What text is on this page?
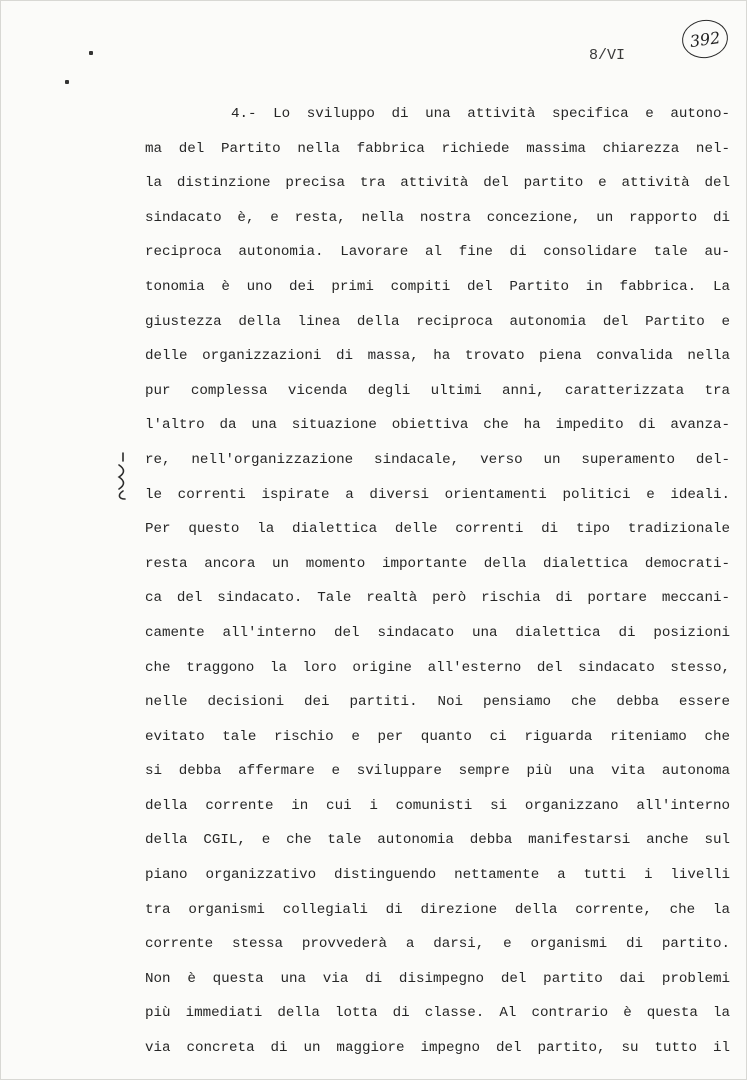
8/VI
392
4.- Lo sviluppo di una attività specifica e autono-
ma del Partito nella fabbrica richiede massima chiarezza nel-
la distinzione precisa tra attività del partito e attività del
sindacato è, e resta, nella nostra concezione, un rapporto di
reciproca autonomia. Lavorare al fine di consolidare tale au-
tonomia è uno dei primi compiti del Partito in fabbrica. La
giustezza della linea della reciproca autonomia del Partito e
delle organizzazioni di massa, ha trovato piena convalida nella
pur complessa vicenda degli ultimi anni, caratterizzata tra
l'altro da una situazione obiettiva che ha impedito di avanza-
re, nell'organizzazione sindacale, verso un superamento del-
le correnti ispirate a diversi orientamenti politici e ideali.
Per questo la dialettica delle correnti di tipo tradizionale
resta ancora un momento importante della dialettica democrati-
ca del sindacato. Tale realtà però rischia di portare meccani-
camente all'interno del sindacato una dialettica di posizioni
che traggono la loro origine all'esterno del sindacato stesso,
nelle decisioni dei partiti. Noi pensiamo che debba essere
evitato tale rischio e per quanto ci riguarda riteniamo che
si debba affermare e sviluppare sempre più una vita autonoma
della corrente in cui i comunisti si organizzano all'interno
della CGIL, e che tale autonomia debba manifestarsi anche sul
piano organizzativo distinguendo nettamente a tutti i livelli
tra organismi collegiali di direzione della corrente, che la
corrente stessa provvederà a darsi, e organismi di partito.
Non è questa una via di disimpegno del partito dai problemi
più immediati della lotta di classe. Al contrario è questa la
via concreta di un maggiore impegno del partito, su tutto il
